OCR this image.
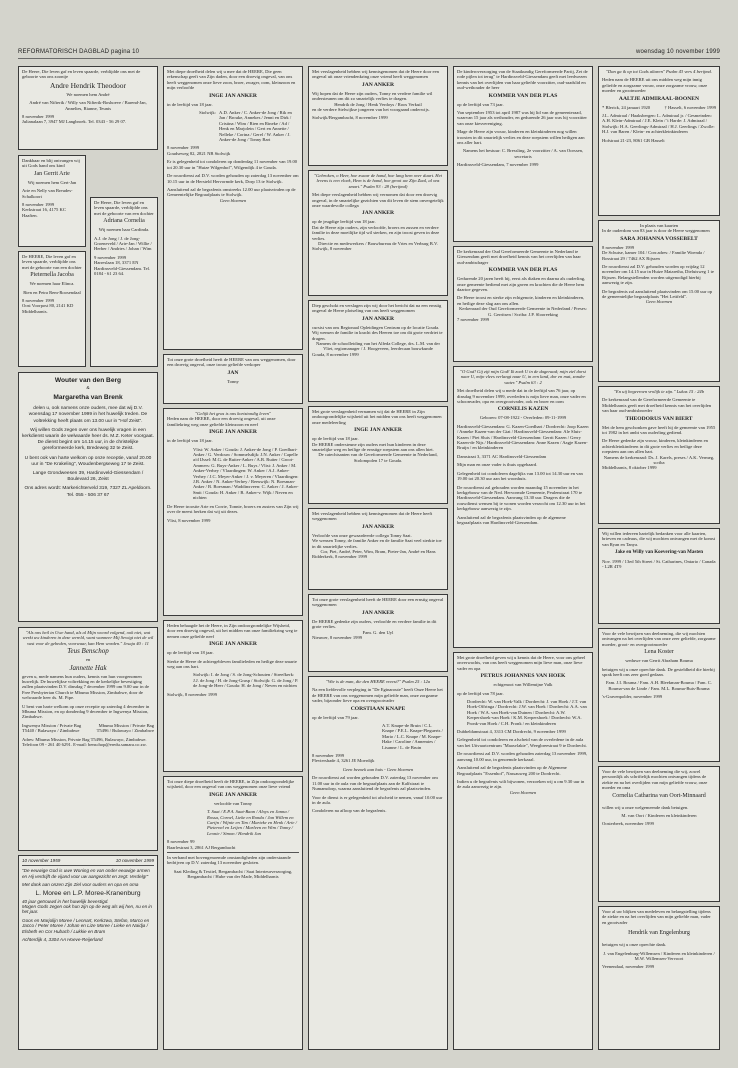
REFORMATORISCH DAGBLAD pagina 10	woensdag 10 november 1999
De Heere, Die leven gaf en leven spaarde, verblijdde ons met de geboorte van ons zoontje
Andre Hendrik Theodoor
We noemen hem André
André van Nifterik / Willy van Nifterik-Boshoeve / Barend-Jan, Annelies, Rianne, Teunis
8 november 1999
Julianalaan 7, 3947 MJ Langbroek. Tel. 0343 - 56 29 07.
Dankbaar en blij ontvangen wij uit Gods hand ons kind
Jan Gerrit Arie
Wij noemen hem Gert-Jan
Arie en Nelly van Breudes-Schalkoort
8 november 1999
Kerkstraat 16, 4175 KC Haaften.
De Heere, Die leven gaf en leven spaarde, verblijdde ons met de geboorte van een dochter
Adriana Cornelia
Wij noemen haar Cardinda.
A.J. de Jong / J. de Jong-Groeneveld / Arie-Jan / Willie / Herber / Andries / Johan / Wim
9 november 1999
Harreslaan 18, 3371 EN Hardinxveld-Giessendam. Tel. 0184 - 61 23 64.
De HEERE, Die leven gaf en leven spaarde, verblijdde ons met de geboorte van een dochter
Pieternella Jacoba
We noemen haar Elinca.
Rien en Petra Rem-Roosendaal
8 november 1999
Oost Voorpost 80, 2141 KD Middelharnis.
Wouter van den Berg
&
Margaretha van Brenk
delen u, ook namens onze ouders, mee dat wij D.V. woensdag 17 november 1999 in het huwelijk treden. De voltrekking heeft plaats om 13.00 uur in "Hof Zeist".
Wij willen Gods zegen over ons huwelijk vragen in een kerkdienst waarin de welwaarde heer ds. M.Z. Keter voorgaat. De dienst begint om 14.15 uur, in de christelijke gereformeerde kerk, Bredeweg 32 te Zeist.
U bent ook van harte welkom op onze receptie, vanaf 20.00 uur in "De Krakeling", Woudenbergseweg 17 te Zeist.
Lange Grondweesen 39, Hardinxveld-Giessendam / Boulevard 26, Zeist
Ons adres wordt: Markerichterveld 319, 7327 ZL Apeldoorn. Tel. 055 - 506 37 67
"Als ons heil in Uwe hand, als al Mijn woord volgend, ook niet, wat werkt uw kinderen in deze wereld, want wanneer Mij Sewigt niet de wil vast voor de gebeden, voorwaar, kan Hem worden." Jesaja 40 : 11
Teus Benschop
en
Jannette Hak
geven u, mede namens hun ouders, kennis van hun voorgenomen huwelijk. De huwelijkse voltrekking en de kerkelijke bevestiging zullen plaatsvinden D.V. dinsdag 7 december 1999 om 9.00 uur in de Free Presbyterian Church te Mbuma Mission, Zimbabwe, door de welwaarde heer ds. M. Pipe.
U bent van harte welkom op onze receptie op zaterdag 4 december in Mbuma Mission, en op donderdag 9 december te Ingwenya Mission, Zimbabwe.
Ingwenya Mission / Private Bag T5440 / Bulawayo / Zimbabwe
Mbuma Mission / Private Bag T5496 / Bulawayo / Zimbabwe
Adres: Mbuma Mission, Private Bag T5496, Bulawayo, Zimbabwe. Telefoon 09 - 261 40 6291. E-mail: benschop@eredu.samara.co.zw.
10 november 1959	10 november 1999
"De eeuwige God is uwe Woning en van onder eeuwige armen en Hij verdrijft de vijand voor uw aangezicht en zegt: Verdelg!"
Met dank aan onzen Zijn Ziel voor ouders en opa en oma
L. Moree en L.P. Moree-Kranenburg
40 jaar getrouwd in het huwelijk bevestigd.
Mogen Gods zegen ook hun zijn op de weg als wij hen, nu en in het jaar.
Goos en Marjolijn Moree / Lennart, Kerkzwa, Stefan, Marco en Jacco / Peter Moree / Johan en Lize Moree / Lieke en Naidja / Elsbeth en Cor Hubach / Lukkie en Bram
Achterdijk 4, 3304 AA Hoeve-Reijerland
Met diepe droefheid delen wij u mee dat de HEERE, Die geen rekenschap geeft van Zijn daden, door een droevig ongeval, van ons heeft weggenomen onze lieve zoon, broer, zwager, oom, kleinzoon en mijn verloofde
INGE JAN ANKER
in de leeftijd van 18 jaar.
Stolwijk: A.D. Anker / C. Anker-de Jong / Rik en Jan / Brouke, Annekes / Jenni en Dirk / Cristina / Wim / Rien en Rineke / Ad / Henk en Marjolein / Gert en Annette / Nelleke / Corina / Gerel / W. Anker / J. Anker-de Jong / Tonny Bart
8 november 1999
Goudseweg 82, 2821 NB Stolwijk
Er is gelegenheid tot condoleren op donderdag 11 november van 19.00 tot 20.30 uur in "Huize Wilgenhof", Wilgendijk 4 te Gouda.
De rouwdienst zal D.V. worden gehouden op zaterdag 13 november om 10.15 uur in de Hersteld Hervormde kerk, Dorp 13 te Stolwijk.
Aansluitend zal de begrafenis omstreeks 12.00 uur plaatsvinden op de Gemeentelijke Begraafplaats te Stolwijk.
Geen bloemen
Tot onze grote droefheid heeft de HEERE van ons weggenomen, door een droevig ongeval, onze trouw geliefde verkoper
JAN
Tonny
"Gelijk het gras is ons kortstondig leven"
Heden nam de HEERE, door een droevig ongeval, uit onze familiekring weg onze geliefde kleinzoon en neef
INGE JAN ANKER
in de leeftijd van 18 jaar.
Vlist: W. Anker / Gouda: J. Anker-de Jong / P. Goedhart-Anker / G. Verdouw / Sommelsdijk: J.N. Anker / Capelle a/d IJssel: M.G. de Ruiter-Anker / A.B. Ruiter / Groot-Ammers: G. Buys-Anker / L. Buys / Vlist: J. Anker / M. Anker-Verhey / Vlaardingen: W. Anker / A.J. Anker-Verhey / J.C. Meyer-Anker / J. v. Meyeren / Vlaardingen: J.B. Anker / N. Anker-Verhey / Reeuwijk: N. Boesman-Anker / B. Boesman / Waddinxveen: C. Anker / J. Anker-Smit / Gouda: H. Anker / B. Anker-v. Wijk / Neven en nichten
De Heere troostte Arie en Corrie, Tonnie, broers en zusters van Zijn wij over de meest herken dat wij uit dezes.
Vlist, 8 november 1999
Heden behaagde het de Heere, in Zijn ondoorgrondelijke Wijsheid, door een droevig ongeval, uit het midden van onze familiekring weg te nemen onze geliefde neef
INGE JAN ANKER
op de leeftijd van 18 jaar.
Sterke de Heere de achtergebleven familieleden en heilige deze smarte weg aan ons hart.
Stolwijk: I. de Jong / S. de Jong-Schouten / Streefkerk: J.J. de Jong / H. de Jong-Grasp / Stolwijk: G. de Jong / P. de Jong-de Heer / Gouda: H. de Jong / Neven en nichten
Stolwijk, 8 november 1999
Tot onze diepe droefheid heeft de HEERE, in Zijn ondoorgrondelijke wijsheid, door een ongeval van ons weggenomen onze lieve vriend
INGE JAN ANKER
verloofde van Tonny
T. Saat / E.P.A. Saat-Baan / Aloys en Janna / Rossa, Cornel, Lieke en Ronda / Jan Willem en Carijn / Wijnie en Tim / Marieke en Henk / Arie / Pieternel en Leijen / Marleen en Wim / Tonny / Leonie / Simon / Hendrik Jan
8 november 99
Baarlestraat 3, 2861 AJ Bergambacht
In verband met bovengenoemde omstandigheden zijn onderstaande bedrijven op D.V. zaterdag 13 november gesloten.
Saat Kleding & Textiel, Bergambacht / Saat Interieurverzorging, Bergambacht / Hube van der Made, Middelharnis
Met verslagenheid hebben wij kennisgenomen dat de Heere door een ongeval uit onze vriendenkring onze vriend heeft weggenomen
JAN ANKER
Wij hopen dat de Heere zijn ouders, Tonny en verdere familie wil ondersteunen om dit zo smartelijk verlies te dragen.
Hendrik de Jong / Henk Verdoys / Roos Verkuil
en de verdere Stelwijkse jongeren van het voorgaand onderwijs.
Stolwijk/Bergambacht, 8 november 1999
"Gebroken, o Heer, hoe zwaar de hand, hoe lang hem over duurt. Het levens is een vloek, Hem is de hand, hoe groot uw Zijn Zaal, al ons smart." Psalm 93 : 28 (berijmd)
Met diepe verslagenheid hebben wij vernomen dat door een droevig ongeval, in de smartelijke gezichten van dit leven de stem onvergetelijk onze waardevolle collega
JAN ANKER
op de jeugdige leeftijd van 18 jaar.
Dat de Heere zijn ouders, zijn verloofde, broers en zussen en verdere familie in deze moeilijke tijd wil sterken, en zijn troost geven in deze verlies.
Directie en medewerkers / Bouwbureau de Vries en Verburg B.V.
Stolwijk, 8 november
Diep geschokt en verslagen zijn wij door het bericht dat na een ernstig ongeval de Heere plotseling van ons heeft weggenomen
JAN ANKER
cursist van ons Regionaal Opleidingen Centrum op de locatie Gouda.
Wij wensen de familie in kracht des Heeren toe om dit grote verdriet te dragen.
Namens de schoolleiding van het Alfeda College, drs. L.M. van der Vliet, regiomanager / J. Hoogeveen, leerdecaan bouwkunde
Gouda, 8 november 1999
Met grote verslagenheid vernamen wij dat de HEERE in Zijn ondoorgrondelijke wijsheid uit het midden van ons heeft weggenomen onze medeleerling
INGE JAN ANKER
op de leeftijd van 18 jaar.
De HEERE ondersteune zijn ouders met hun kinderen in deze smartelijke weg en heilige de ernstige roepstem aan ons allen hiet.
De catechisanten van de Gereformeerde Gemeente in Nederland, Stolompolen 17 te Gouda.
Met verslagenheid hebben wij kennisgenomen dat de Heere heeft weggenomen
JAN ANKER
Verloofde van onze gewaardeerde collega Tonny Saat.
We wensen Tonny, de familie Anker en de familie Saat veel sterkte toe in dit smartelijke verlies.
Cor, Piet, André, Peter, Wim, Bram, Pieter-Jan, André en Hans
Ridderkerk, 8 november 1999
Tot onze grote verslagenheid heeft de HEERE door een ernstig ongeval weggenomen
JAN ANKER
De HEERE gedenke zijn ouders, verloofde en verdere familie in dit grote verlies.
Fam. G. den Uyl
Nieuwer, 8 november 1999
"Wie is de man, die den HEERE vreest?" Psalm 25 : 12a
Na een liefdevolle verpleging in "De Eginaroute" heeft Onze Heere het de HEERE van ons weggenomen mijn geliefde man, onze zorgzame vader, bijzonder lieve opa en overgrootvader
CORSTIAAN KNAPE
op de leeftijd van 79 jaar.
A.T. Knape-de Bruin / C.L. Knape / P.E.L. Knape-Pleguerts / Mario / L.C. Knape / M. Knape-Hake / Caroline / Annemies / Lisanne / L. de Bruin
8 november 1999
Pleviershade 4, 3261 JE Moerdijk
Geen bezoek aan huis - Geen bloemen
De rouwdienst zal worden gehouden D.V. zaterdag 13 november om 11.00 uur in de aula van de begraafplaats aan de Kalfstraat te Numansdorp, waarna aansluitend de begrafenis zal plaatsvinden.
Voor de dienst is er gelegenheid tot afscheid te nemen, vanaf 10.00 uur in de aula.
Condoleren na afloop van de begrafenis.
De kinderoverzorging van de Staatkundig Gereformeerde Partij, Zet de rode pijlen tot terug" te Hardinxveld-Giessendam geeft met leedwezen kennis van het overlijden van haar geliefde voorzitter, oud-raadslid en oud-wethouder de heer
KOMMER VAN DER PLAS
op de leeftijd van 73 jaar.
Van september 1953 tot april 1987 was hij lid van de gemeenteraad, waarvan 15 jaar als wethouder, en gedurende 26 jaar was hij voorzitter van onze kiesvereniging.
Mage de Heere zijn vrouw, kinderen en kleinkinderen nog willen troosten in dit smartelijk verlies en deze roepstem willen heiligen aan ons aller hart.
Namens het bestuur: C. Bressling, 2e voorzitter / A. van Oorssen, secretaris
Hardinxveld-Giessendam, 7 november 1999
De kerkenraad der Oud Gereformeerde Gemeente in Nederland te Giessendam geeft met droefheid kennis van het overlijden van haar oud-ambtsdrager
KOMMER VAN DER PLAS
Gedurende 20 jaren heeft hij, eerst als diaken en daarna als ouderling, onze gemeente bediend met zijn gaven en krachten die de Heere hem daartoe gegeven.
De Heere troost en sterke zijn echtgenote, kinderen en kleinkinderen, en heilige deze slag aan ons allen.
Kerkenraad der Oud Gereformeerde Gemeente in Nederland / Preses: G. Gerritsen / Scriba: J.P. Slooreeking
7 november 1999
"O God! Gij zijt mijn God! Ik zoek U in de dageraad; mijn ziel dorst naar U, mijn vlees verlangt naar U, in een land, dor en mat, zonder water." Psalm 63 : 2
Met droefheid delen wij u mede dat in de leeftijd van 76 jaar, op dinsdag 9 november 1999, overleden is mijn lieve man, onze vader en schoonvader, opa en overgrootvader, ook en broer en oom
CORNELIS KAZEN
Geboren: 07-08-1922 - Overleden: 09-11-1999
Hardinxveld-Giessendam: G. Kazen-Goedhart / Dordrecht: Joop Kazen / Anneke Kazen-van der Giat / Hardinxveld-Giessendam: Ale Sluis-Kazen / Piet Sluis / Hardinxveld-Giessendam: Gerrit Kazen / Gerry Kazen-de Nijs / Hardinxveld-Giessendam: Anne Kazen / Aagje Kazen-Bruijn / en kleinkinderen
Damstraat 3, 3371 AC Hardinxveld-Giessendam
Mijn man en onze vader is thuis opgebaard.
Gelegenheid tot condoleren dagelijks van 13.00 tot 14.30 uur en van 19.00 tot 20.30 uur aan het woonhuis.
De rouwdienst zal gehouden worden maandag 15 november in het kerkgebouw van de Ned. Hervormde Gemeente, Peulenstraat 170 te Hardinxveld-Giessendam. Aanvang 13.30 uur. Dragers die de rouwdienst wensen bij te wonen worden verzocht om 12.30 uur in het kerkgebouw aanwezig te zijn.
Aansluitend zal de begrafenis plaatsvinden op de algemene begraafplaats van Hardinxveld-Giessendam.
Met grote droefheid geven wij u kennis dat de Heere, voor ons geheel onverwachts, van ons heeft weggenomen mijn lieve man, onze lieve vader en opa
PETRUS JOHANNES VAN HOEK
echtgenoot van Willemijne Valk
op de leeftijd van 78 jaar.
Dordrecht: W. van Hoek-Valk / Dordrecht: J. van Hoek / J.T. van Hoek-Offringa / Dordrecht: J.W. van Hoek / Dordrecht: A.A. van Hoek / W.A. van Hoek-van Duinen / Dordrecht: A.W. Kerpershoek-van Hoek / K.M. Kerpershoek / Dordrecht: W.A. Pronk-van Hoek / C.H. Pronk / en kleinkinderen
Dubbeldamstraat 4, 3313 CM Dordrecht, 9 november 1999
Gelegenheid tot condoleren en afscheid van de overledene in de aula van het Uitvaartcentrum "Maasvlakte", Weegbreestraat 9 te Dordrecht.
De rouwdienst zal D.V. worden gehouden zaterdag 13 november 1999, aanvang 10.00 uur, in genoemde kerkzaal.
Aansluitend zal de begrafenis plaatsvinden op de Algemene Begraafplaats "Essenhof", Nassauweg 200 te Dordrecht.
Indien u de begrafenis wilt bijwonen, verzoeken wij u om 9.30 uur in de aula aanwezig te zijn.
Geen bloemen
"Dan ga ik op tot Gods altaren" Psalm 43 vers 4 berijmd.
Heden nam de HEERE uit ons midden weg mijn innig geliefde en zorgzame vrouw, onze zorgzame vrouw, onze moeder en grootmoeder
AALTJE ADMIRAAL-BOONEN
* Blerick, 24 januari 1920	† Hasselt, 6 november 1999
J.L. Admiraal / Haaksbergen: L. Admiraal jr. / Gesmeinden: A.H. Klein-Admiraal / J.E. Klein / 't Harde: J. Admiraal / Stolwijk: H.A. Geerlings-Admiraal / H.J. Geerlings / Zwolle: H.J. van Baren / Klein- en achterkleinkinderen
Hofstraat 21-23, 8061 GB Hasselt
In plaats van kaarten
In de ouderdom van 83 jaar is door de Heere weggenomen
SARA JOHANNA VOSSEBELT
8 november 1999
De Schutse, kamer 104 / Corr.adres: / Familie Woenda / Bosstraat 29 / 7462 AX Rijssen
De rouwdienst zal D.V. gehouden worden op vrijdag 12 november om 14.15 uur in Huize Mataretha, Dieluisweg 1 te Rijssen. Belangstellenden worden uitgenodigd hierbij aanwezig te zijn.
De begrafenis zal aansluitend plaatsvinden om 15.00 uur op de gemeentelijke begraafplaats "Het Lettfeld".
Geen bloemen
"En uij begeeroen vrolijk te zijn." Lukas 15 : 24b
De kerkenraad van de Gereformeerde Gemeente te Middelharnis geeft met droefheid kennis van het overlijden van haar oud-ambtsbroeder
THEODORUS VAN BIERT
Met de hem geschonken gave heeft hij de gemeente van 1955 tot 1982 in het ambt van ouderling gediend.
De Heere gedenke zijn vrouw, kinderen, kleinkinderen en achterkleinkinderen in dit grote verlies en heilige deze roepstem aan ons allen hart.
Namens de kerkenraad: Ds. J. Karels, preses / A.K. Vermeg, scriba
Middelharnis, 8 oktober 1999
Wij willen iedereen hartelijk bedanken voor alle kaarten, brieven en cadeaus, die wij mochten ontvangen met de komst van Ryan en Tanya.
Jake en Willy van Koevering-van Masten
Nov. 1999 / 13ed 5th Street / St. Catharines, Ontario / Canada - L2R 4T9
Voor de vele bewijzen van deelneming, die wij mochten ontvangen na het overlijden van onze zeer geliefde, zorgzame moeder, groot- en overgrootmoeder
Lena Koster
weduwe van Gerrit Abraham Bouma
betuigen wij u onze oprechte dank. De gesteldheid die hierbij sprak heeft ons zeer goed gedaan.
Fam. J.I. Bouma / Fam. A.H. Bleekman-Bouma / Fam. C. Bouma-van de Linde / Fam. M.L. Bouma-Buis-Bouma
's-Gravenpolder, november 1999
Voor de vele bewijzen van deelneming die wij, zowel persoonlijk als schriftelijk mochten ontvangen tijdens de ziekte en na het overlijden van mijn geliefde vrouw, onze moeder en oma
Cornelia Catharina van Oort-Minnaard
willen wij u onze welgemeende dank betuigen.
M. van Oort / Kinderen en kleinkinderen
Oosterbeek, november 1999
Voor al uw blijken van medeleven en belangstelling tijdens de ziekte en na het overlijden van mijn geliefde man, vader en grootvader
Hendrik van Engelenburg
betuigen wij u onze oprechte dank.
J. van Engelenburg-Willemsen / Kinderen en kleinkinderen / M.W. Willemsen-Vervoort
Veenendaal, november 1999
